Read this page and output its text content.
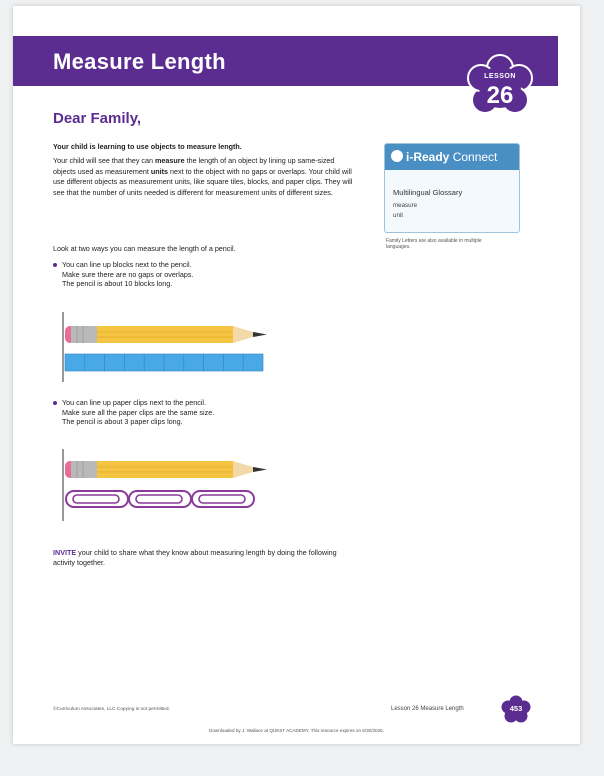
Measure Length
LESSON
26
Dear Family,
Your child is learning to use objects to measure length.
Your child will see that they can measure the length of an object by lining up same-sized objects used as measurement units next to the object with no gaps or overlaps. Your child will use different objects as measurement units, like square tiles, blocks, and paper clips. They will see that the number of units needed is different for measurement units of different sizes.
Look at two ways you can measure the length of a pencil.
You can line up blocks next to the pencil.
Make sure there are no gaps or overlaps.
The pencil is about 10 blocks long.
You can line up paper clips next to the pencil.
Make sure all the paper clips are the same size.
The pencil is about 3 paper clips long.
INVITE your child to share what they know about measuring length by doing the following activity together.
i-Ready Connect
Multilingual Glossary
measure
unit
Family Letters are also available in multiple languages.
©Curriculum Associates, LLC Copying is not permitted.	Lesson 26 Measure Length	453
Downloaded by J. Wallace at QUEST ACADEMY. This resource expires on 6/30/2025.
